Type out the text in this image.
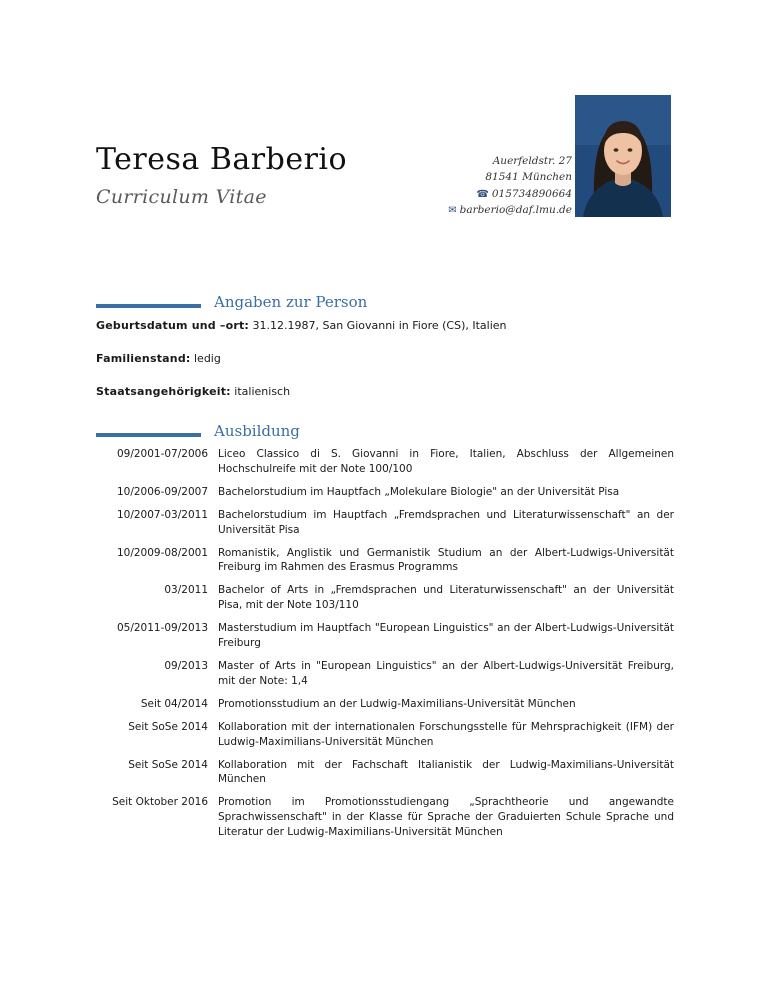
Teresa Barberio
Curriculum Vitae
Auerfeldstr. 27
81541 München
☎ 015734890664
✉ barberio@daf.lmu.de
Angaben zur Person
Geburtsdatum und –ort: 31.12.1987, San Giovanni in Fiore (CS), Italien
Familienstand: ledig
Staatsangehörigkeit: italienisch
Ausbildung
09/2001-07/2006 Liceo Classico di S. Giovanni in Fiore, Italien, Abschluss der Allgemeinen Hochschulreife mit der Note 100/100
10/2006-09/2007 Bachelorstudium im Hauptfach „Molekulare Biologie" an der Universität Pisa
10/2007-03/2011 Bachelorstudium im Hauptfach „Fremdsprachen und Literaturwissenschaft" an der Universität Pisa
10/2009-08/2001 Romanistik, Anglistik und Germanistik Studium an der Albert-Ludwigs-Universität Freiburg im Rahmen des Erasmus Programms
03/2011 Bachelor of Arts in „Fremdsprachen und Literaturwissenschaft" an der Universität Pisa, mit der Note 103/110
05/2011-09/2013 Masterstudium im Hauptfach "European Linguistics" an der Albert-Ludwigs-Universität Freiburg
09/2013 Master of Arts in "European Linguistics" an der Albert-Ludwigs-Universität Freiburg, mit der Note: 1,4
Seit 04/2014 Promotionsstudium an der Ludwig-Maximilians-Universität München
Seit SoSe 2014 Kollaboration mit der internationalen Forschungsstelle für Mehrsprachigkeit (IFM) der Ludwig-Maximilians-Universität München
Seit SoSe 2014 Kollaboration mit der Fachschaft Italianistik der Ludwig-Maximilians-Universität München
Seit Oktober 2016 Promotion im Promotionsstudiengang „Sprachtheorie und angewandte Sprachwissenschaft" in der Klasse für Sprache der Graduierten Schule Sprache und Literatur der Ludwig-Maximilians-Universität München
